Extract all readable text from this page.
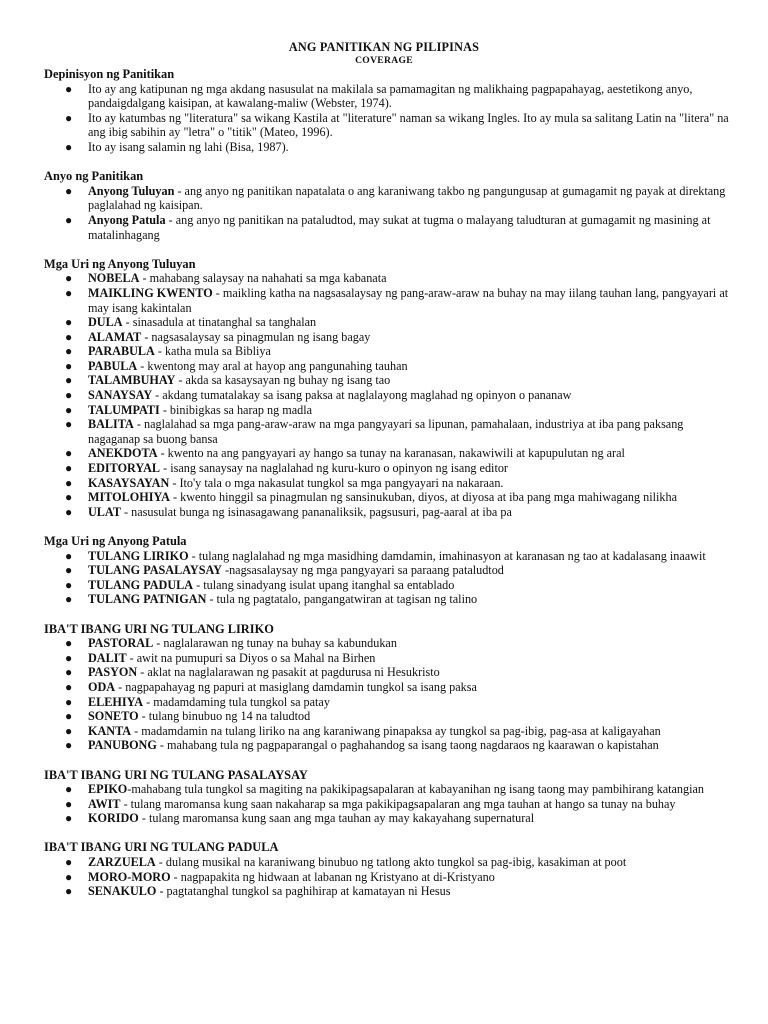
ANG PANITIKAN NG PILIPINAS
COVERAGE
Depinisyon ng Panitikan
● Ito ay ang katipunan ng mga akdang nasusulat na makilala sa pamamagitan ng malikhaing pagpapahayag, aestetikong anyo, pandaigdalgang kaisipan, at kawalang-maliw (Webster, 1974).
● Ito ay katumbas ng "literatura" sa wikang Kastila at "literature" naman sa wikang Ingles. Ito ay mula sa salitang Latin na "litera" na ang ibig sabihin ay "letra" o "titik" (Mateo, 1996).
● Ito ay isang salamin ng lahi (Bisa, 1987).
Anyo ng Panitikan
● Anyong Tuluyan - ang anyo ng panitikan napatalata o ang karaniwang takbo ng pangungusap at gumagamit ng payak at direktang paglalahad ng kaisipan.
● Anyong Patula - ang anyo ng panitikan na pataludtod, may sukat at tugma o malayang taludturan at gumagamit ng masining at matalinhagang
Mga Uri ng Anyong Tuluyan
● NOBELA - mahabang salaysay na nahahati sa mga kabanata
● MAIKLING KWENTO - maikling katha na nagsasalaysay ng pang-araw-araw na buhay na may iilang tauhan lang, pangyayari at may isang kakintalan
● DULA - sinasadula at tinatanghal sa tanghalan
● ALAMAT - nagsasalaysay sa pinagmulan ng isang bagay
● PARABULA - katha mula sa Bibliya
● PABULA - kwentong may aral at hayop ang pangunahing tauhan
● TALAMBUHAY - akda sa kasaysayan ng buhay ng isang tao
● SANAYSAY - akdang tumatalakay sa isang paksa at naglalayong maglahad ng opinyon o pananaw
● TALUMPATI - binibigkas sa harap ng madla
● BALITA - naglalahad sa mga pang-araw-araw na mga pangyayari sa lipunan, pamahalaan, industriya at iba pang paksang nagaganap sa buong bansa
● ANEKDOTA - kwento na ang pangyayari ay hango sa tunay na karanasan, nakawiwili at kapupulutan ng aral
● EDITORYAL - isang sanaysay na naglalahad ng kuru-kuro o opinyon ng isang editor
● KASAYSAYAN - Ito'y tala o mga nakasulat tungkol sa mga pangyayari na nakaraan.
● MITOLOHIYA - kwento hinggil sa pinagmulan ng sansinukuban, diyos, at diyosa at iba pang mga mahiwagang nilikha
● ULAT - nasusulat bunga ng isinasagawang pananaliksik, pagsusuri, pag-aaral at iba pa
Mga Uri ng Anyong Patula
● TULANG LIRIKO - tulang naglalahad ng mga masidhing damdamin, imahinasyon at karanasan ng tao at kadalasang inaawit
● TULANG PASALAYSAY -nagsasalaysay ng mga pangyayari sa paraang pataludtod
● TULANG PADULA - tulang sinadyang isulat upang itanghal sa entablado
● TULANG PATNIGAN - tula ng pagtatalo, pangangatwiran at tagisan ng talino
IBA'T IBANG URI NG TULANG LIRIKO
● PASTORAL - naglalarawan ng tunay na buhay sa kabundukan
● DALIT - awit na pumupuri sa Diyos o sa Mahal na Birhen
● PASYON - aklat na naglalarawan ng pasakit at pagdurusa ni Hesukristo
● ODA - nagpapahayag ng papuri at masiglang damdamin tungkol sa isang paksa
● ELEHIYA - madamdaming tula tungkol sa patay
● SONETO - tulang binubuo ng 14 na taludtod
● KANTA - madamdamin na tulang liriko na ang karaniwang pinapaksa ay tungkol sa pag-ibig, pag-asa at kaligayahan
● PANUBONG - mahabang tula ng pagpaparangal o paghahandog sa isang taong nagdaraos ng kaarawan o kapistahan
IBA'T IBANG URI NG TULANG PASALAYSAY
● EPIKO-mahabang tula tungkol sa magiting na pakikipagsapalaran at kabayanihan ng isang taong may pambihirang katangian
● AWIT - tulang maromansa kung saan nakaharap sa mga pakikipagsapalaran ang mga tauhan at hango sa tunay na buhay
● KORIDO - tulang maromansa kung saan ang mga tauhan ay may kakayahang supernatural
IBA'T IBANG URI NG TULANG PADULA
● ZARZUELA - dulang musikal na karaniwang binubuo ng tatlong akto tungkol sa pag-ibig, kasakiman at poot
● MORO-MORO - nagpapakita ng hidwaan at labanan ng Kristyano at di-Kristyano
● SENAKULO - pagtatanghal tungkol sa paghihirap at kamatayan ni Hesus
